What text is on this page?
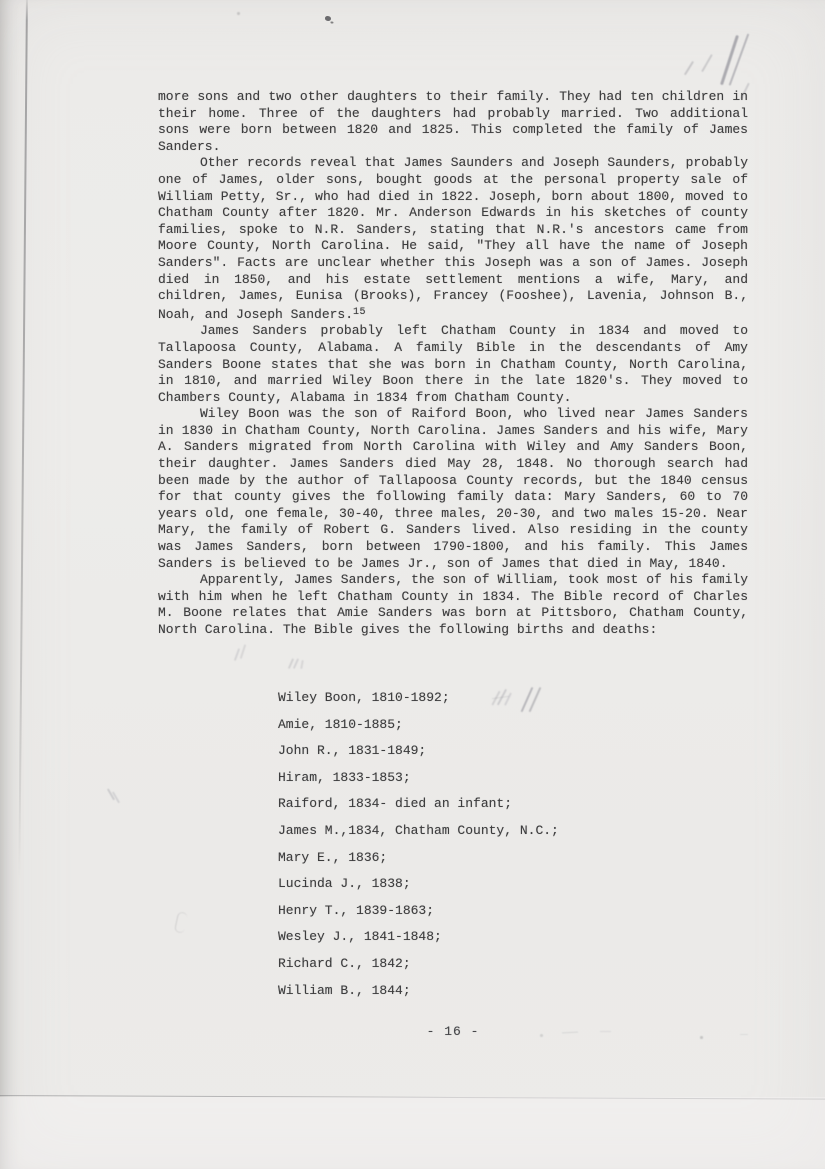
more sons and two other daughters to their family. They had ten children in their home. Three of the daughters had probably married. Two additional sons were born between 1820 and 1825. This completed the family of James Sanders.

Other records reveal that James Saunders and Joseph Saunders, probably one of James, older sons, bought goods at the personal property sale of William Petty, Sr., who had died in 1822. Joseph, born about 1800, moved to Chatham County after 1820. Mr. Anderson Edwards in his sketches of county families, spoke to N.R. Sanders, stating that N.R.'s ancestors came from Moore County, North Carolina. He said, "They all have the name of Joseph Sanders". Facts are unclear whether this Joseph was a son of James. Joseph died in 1850, and his estate settlement mentions a wife, Mary, and children, James, Eunisa (Brooks), Francey (Fooshee), Lavenia, Johnson B., Noah, and Joseph Sanders.$^{15}$

James Sanders probably left Chatham County in 1834 and moved to Tallapoosa County, Alabama. A family Bible in the descendants of Amy Sanders Boone states that she was born in Chatham County, North Carolina, in 1810, and married Wiley Boon there in the late 1820's. They moved to Chambers County, Alabama in 1834 from Chatham County.

Wiley Boon was the son of Raiford Boon, who lived near James Sanders in 1830 in Chatham County, North Carolina. James Sanders and his wife, Mary A. Sanders migrated from North Carolina with Wiley and Amy Sanders Boon, their daughter. James Sanders died May 28, 1848. No thorough search had been made by the author of Tallapoosa County records, but the 1840 census for that county gives the following family data: Mary Sanders, 60 to 70 years old, one female, 30-40, three males, 20-30, and two males 15-20. Near Mary, the family of Robert G. Sanders lived. Also residing in the county was James Sanders, born between 1790-1800, and his family. This James Sanders is believed to be James Jr., son of James that died in May, 1840.

Apparently, James Sanders, the son of William, took most of his family with him when he left Chatham County in 1834. The Bible record of Charles M. Boone relates that Amie Sanders was born at Pittsboro, Chatham County, North Carolina. The Bible gives the following births and deaths:

Wiley Boon, 1810-1892;
Amie, 1810-1885;
John R., 1831-1849;
Hiram, 1833-1853;
Raiford, 1834- died an infant;
James M.,1834, Chatham County, N.C.;
Mary E., 1836;
Lucinda J., 1838;
Henry T., 1839-1863;
Wesley J., 1841-1848;
Richard C., 1842;
William B., 1844;
- 16 -
